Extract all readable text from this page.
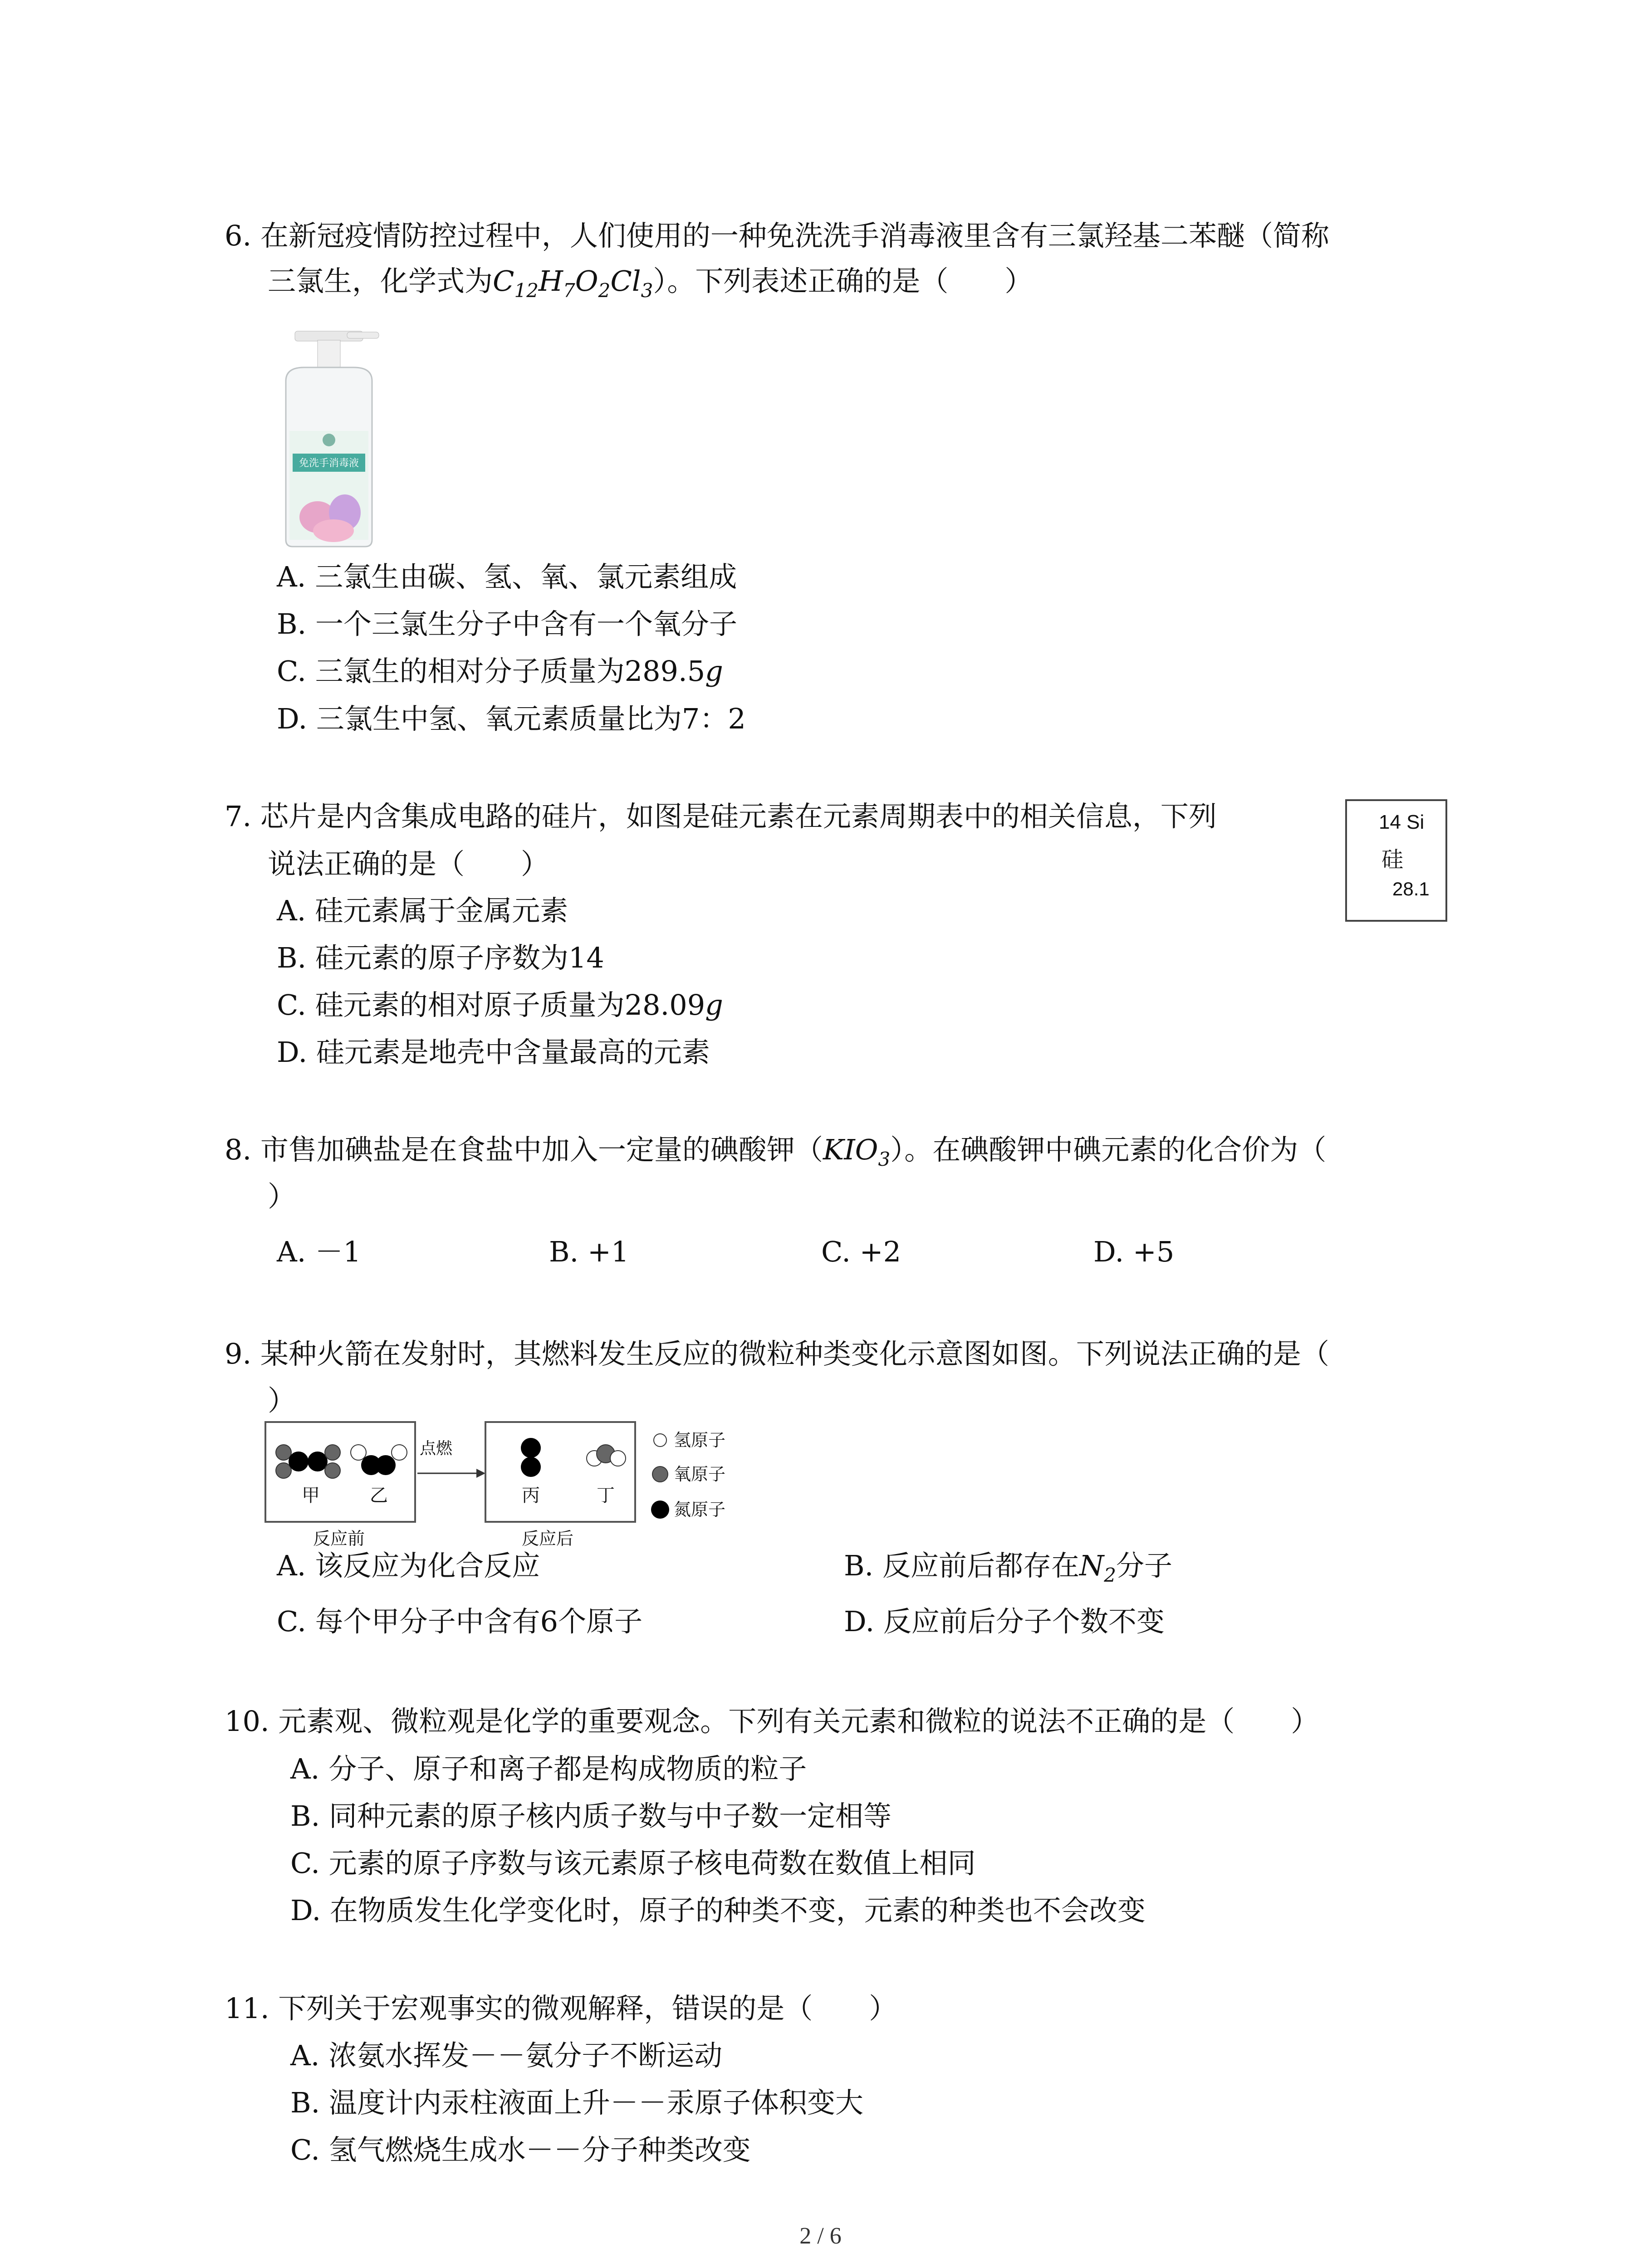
6. 在新冠疫情防控过程中，人们使用的一种免洗洗手消毒液里含有三氯羟基二苯醚（简称
三氯生，化学式为$C_{12}H_7O_2Cl_3$）。下列表述正确的是（　　）
免洗手消毒液
A. 三氯生由碳、氢、氧、氯元素组成
B. 一个三氯生分子中含有一个氧分子
C. 三氯生的相对分子质量为289.5g
D. 三氯生中氢、氧元素质量比为7：2
7. 芯片是内含集成电路的硅片，如图是硅元素在元素周期表中的相关信息，下列
说法正确的是（　　）
14 Si
硅
28.1
A. 硅元素属于金属元素
B. 硅元素的原子序数为14
C. 硅元素的相对原子质量为28.09g
D. 硅元素是地壳中含量最高的元素
8. 市售加碘盐是在食盐中加入一定量的碘酸钾$(KIO_3)$。在碘酸钾中碘元素的化合价为（
）
A. －1	B. +1	C. +2	D. +5
9. 某种火箭在发射时，其燃料发生反应的微粒种类变化示意图如图。下列说法正确的是（
）
甲	乙
反应前
点燃
丙	丁
反应后
氢原子
氧原子
氮原子
A. 该反应为化合反应	B. 反应前后都存在$N_2$分子
C. 每个甲分子中含有6个原子	D. 反应前后分子个数不变
10. 元素观、微粒观是化学的重要观念。下列有关元素和微粒的说法不正确的是（　　）
A. 分子、原子和离子都是构成物质的粒子
B. 同种元素的原子核内质子数与中子数一定相等
C. 元素的原子序数与该元素原子核电荷数在数值上相同
D. 在物质发生化学变化时，原子的种类不变，元素的种类也不会改变
11. 下列关于宏观事实的微观解释，错误的是（　　）
A. 浓氨水挥发－－氨分子不断运动
B. 温度计内汞柱液面上升－－汞原子体积变大
C. 氢气燃烧生成水－－分子种类改变
2 / 6
